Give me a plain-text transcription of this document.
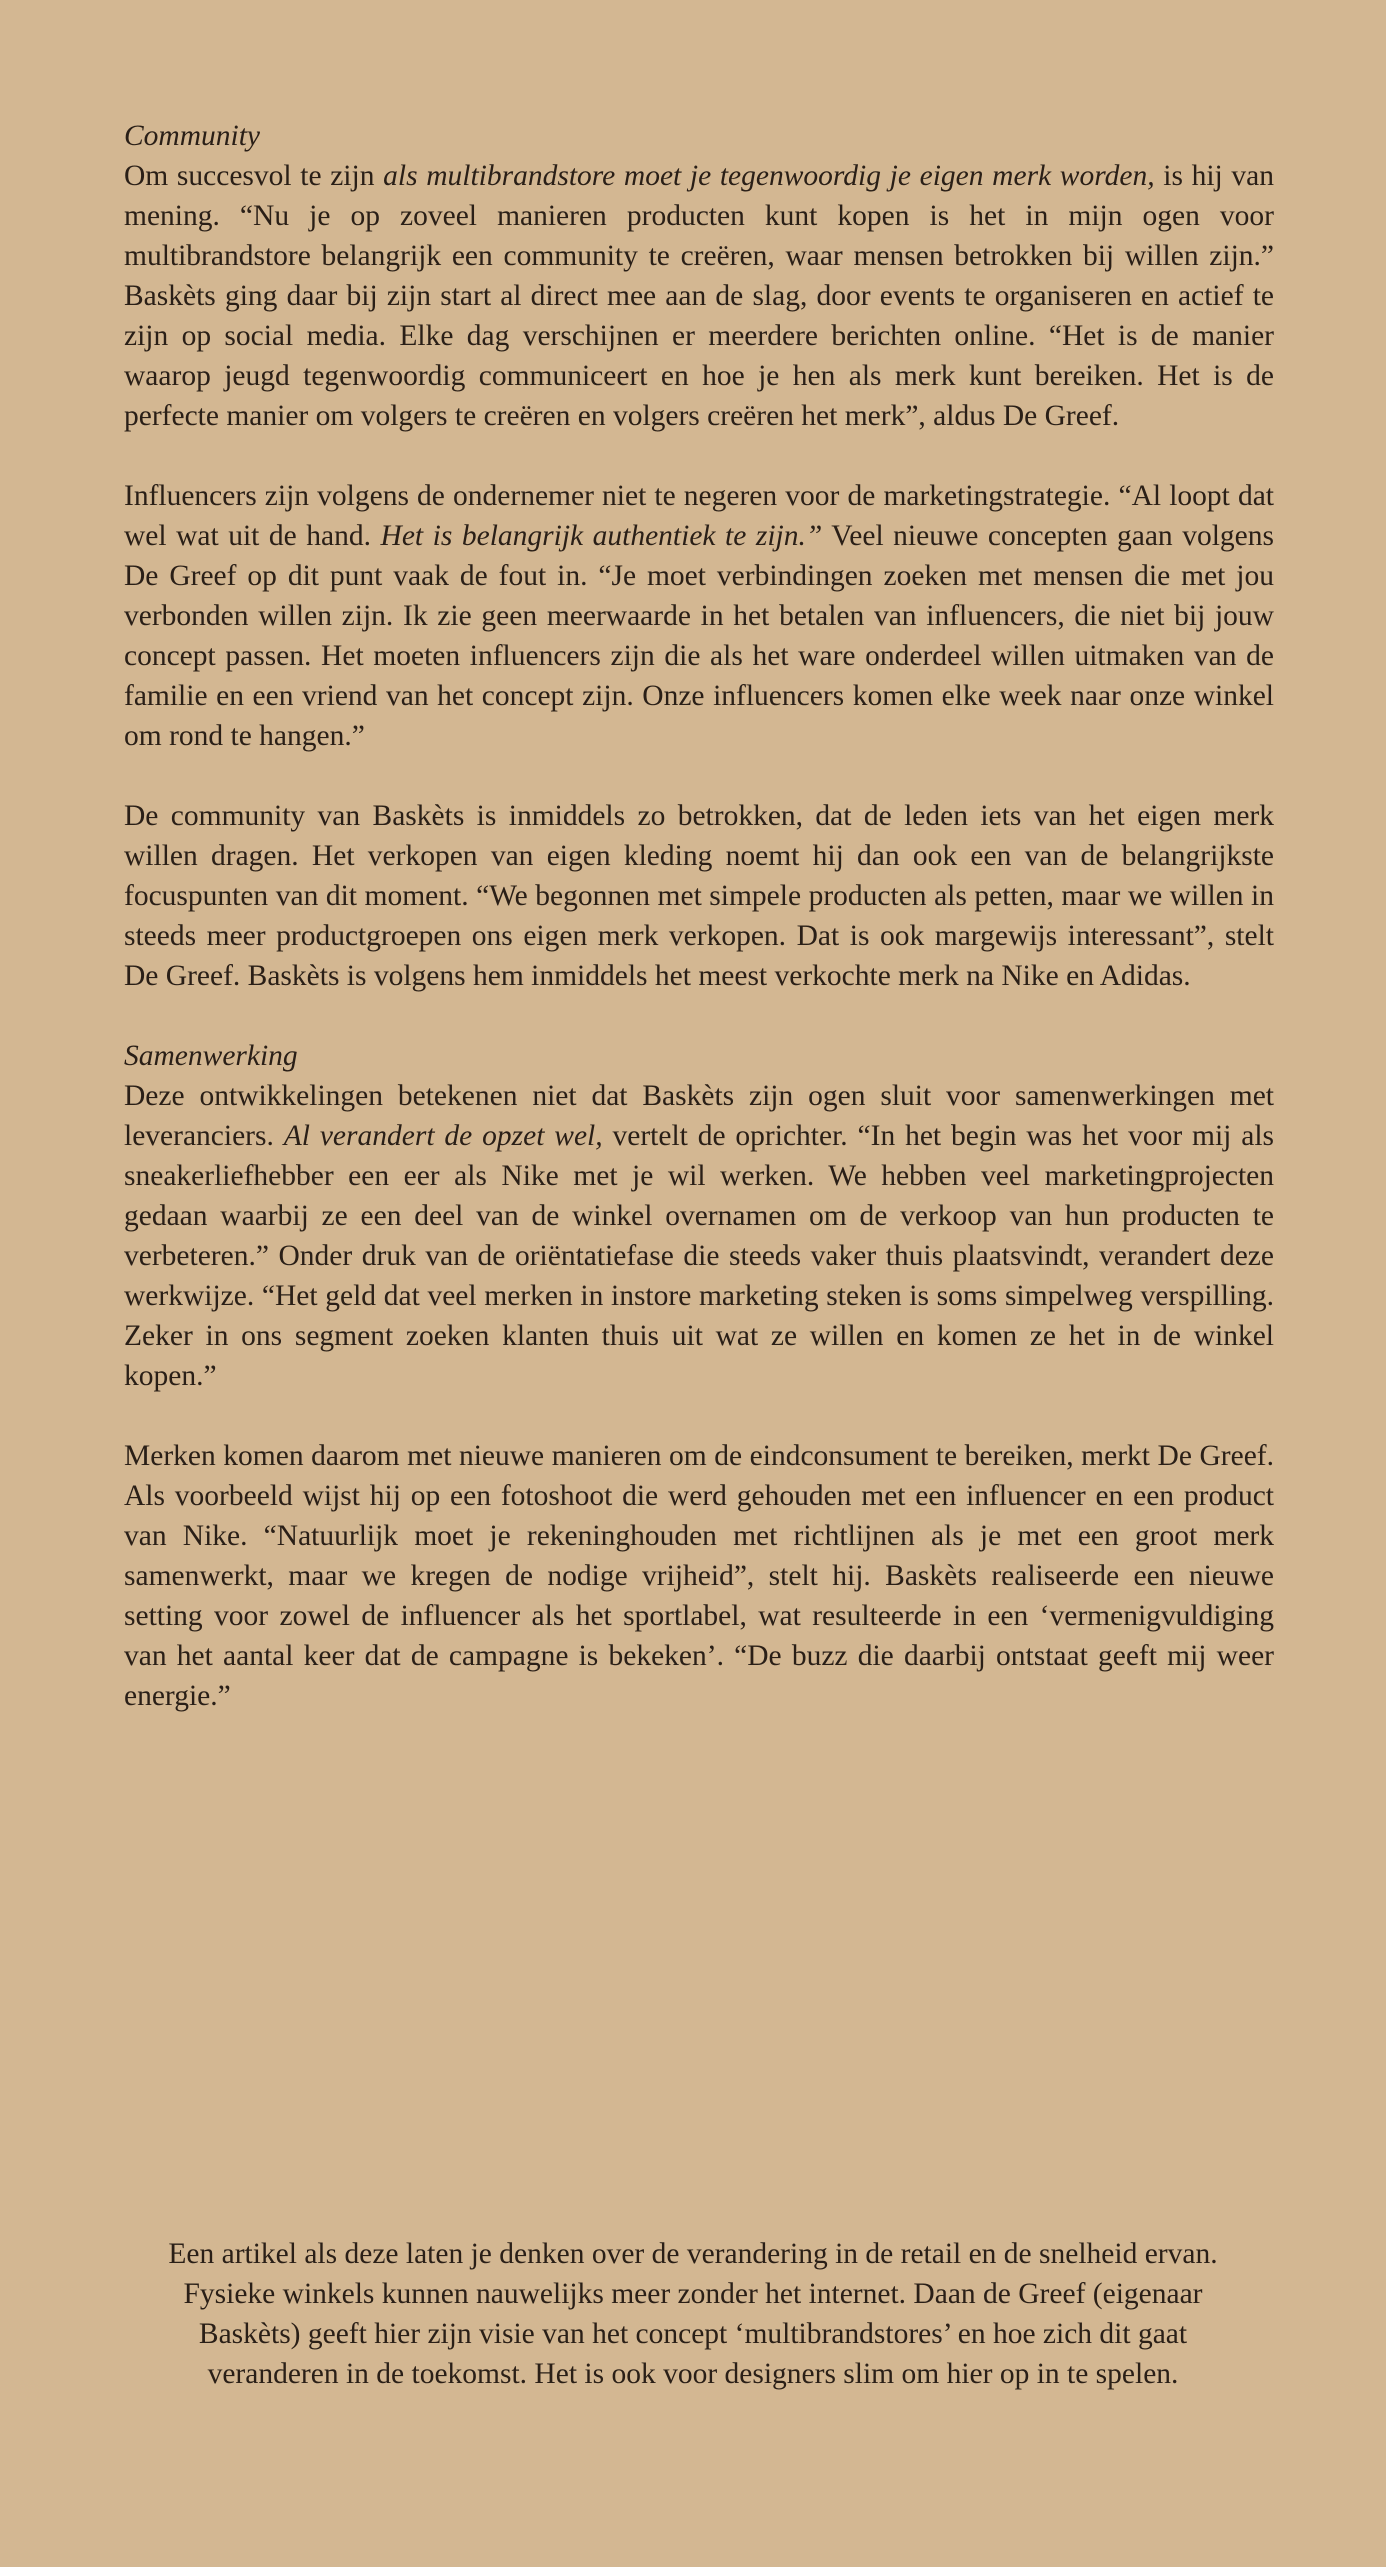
Community

Om succesvol te zijn als multibrandstore moet je tegenwoordig je eigen merk worden, is hij van mening. “Nu je op zoveel manieren producten kunt kopen is het in mijn ogen voor multibrandstore belangrijk een community te creëren, waar mensen betrokken bij willen zijn.” Baskèts ging daar bij zijn start al direct mee aan de slag, door events te organiseren en actief te zijn op social media. Elke dag verschijnen er meerdere berichten online. “Het is de manier waarop jeugd tegenwoordig communiceert en hoe je hen als merk kunt bereiken. Het is de perfecte manier om volgers te creëren en volgers creëren het merk”, aldus De Greef.

Influencers zijn volgens de ondernemer niet te negeren voor de marketingstrategie. “Al loopt dat wel wat uit de hand. Het is belangrijk authentiek te zijn.” Veel nieuwe concepten gaan volgens De Greef op dit punt vaak de fout in. “Je moet verbindingen zoeken met mensen die met jou verbonden willen zijn. Ik zie geen meerwaarde in het betalen van influencers, die niet bij jouw concept passen. Het moeten influencers zijn die als het ware onderdeel willen uitmaken van de familie en een vriend van het concept zijn. Onze influencers komen elke week naar onze winkel om rond te hangen.”

De community van Baskèts is inmiddels zo betrokken, dat de leden iets van het eigen merk willen dragen. Het verkopen van eigen kleding noemt hij dan ook een van de belangrijkste focuspunten van dit moment. “We begonnen met simpele producten als petten, maar we willen in steeds meer productgroepen ons eigen merk verkopen. Dat is ook margewijs interessant”, stelt De Greef. Baskèts is volgens hem inmiddels het meest verkochte merk na Nike en Adidas.

Samenwerking

Deze ontwikkelingen betekenen niet dat Baskèts zijn ogen sluit voor samenwerkingen met leveranciers. Al verandert de opzet wel, vertelt de oprichter. “In het begin was het voor mij als sneakerliefhebber een eer als Nike met je wil werken. We hebben veel marketingprojecten gedaan waarbij ze een deel van de winkel overnamen om de verkoop van hun producten te verbeteren.” Onder druk van de oriëntatiefase die steeds vaker thuis plaatsvindt, verandert deze werkwijze. “Het geld dat veel merken in instore marketing steken is soms simpelweg verspilling. Zeker in ons segment zoeken klanten thuis uit wat ze willen en komen ze het in de winkel kopen.”

Merken komen daarom met nieuwe manieren om de eindconsument te bereiken, merkt De Greef. Als voorbeeld wijst hij op een fotoshoot die werd gehouden met een influencer en een product van Nike. “Natuurlijk moet je rekeninghouden met richtlijnen als je met een groot merk samenwerkt, maar we kregen de nodige vrijheid”, stelt hij. Baskèts realiseerde een nieuwe setting voor zowel de influencer als het sportlabel, wat resulteerde in een ‘vermenigvuldiging van het aantal keer dat de campagne is bekeken’. “De buzz die daarbij ontstaat geeft mij weer energie.”

Een artikel als deze laten je denken over de verandering in de retail en de snelheid ervan. Fysieke winkels kunnen nauwelijks meer zonder het internet. Daan de Greef (eigenaar Baskèts) geeft hier zijn visie van het concept ‘multibrandstores’ en hoe zich dit gaat veranderen in de toekomst. Het is ook voor designers slim om hier op in te spelen.
